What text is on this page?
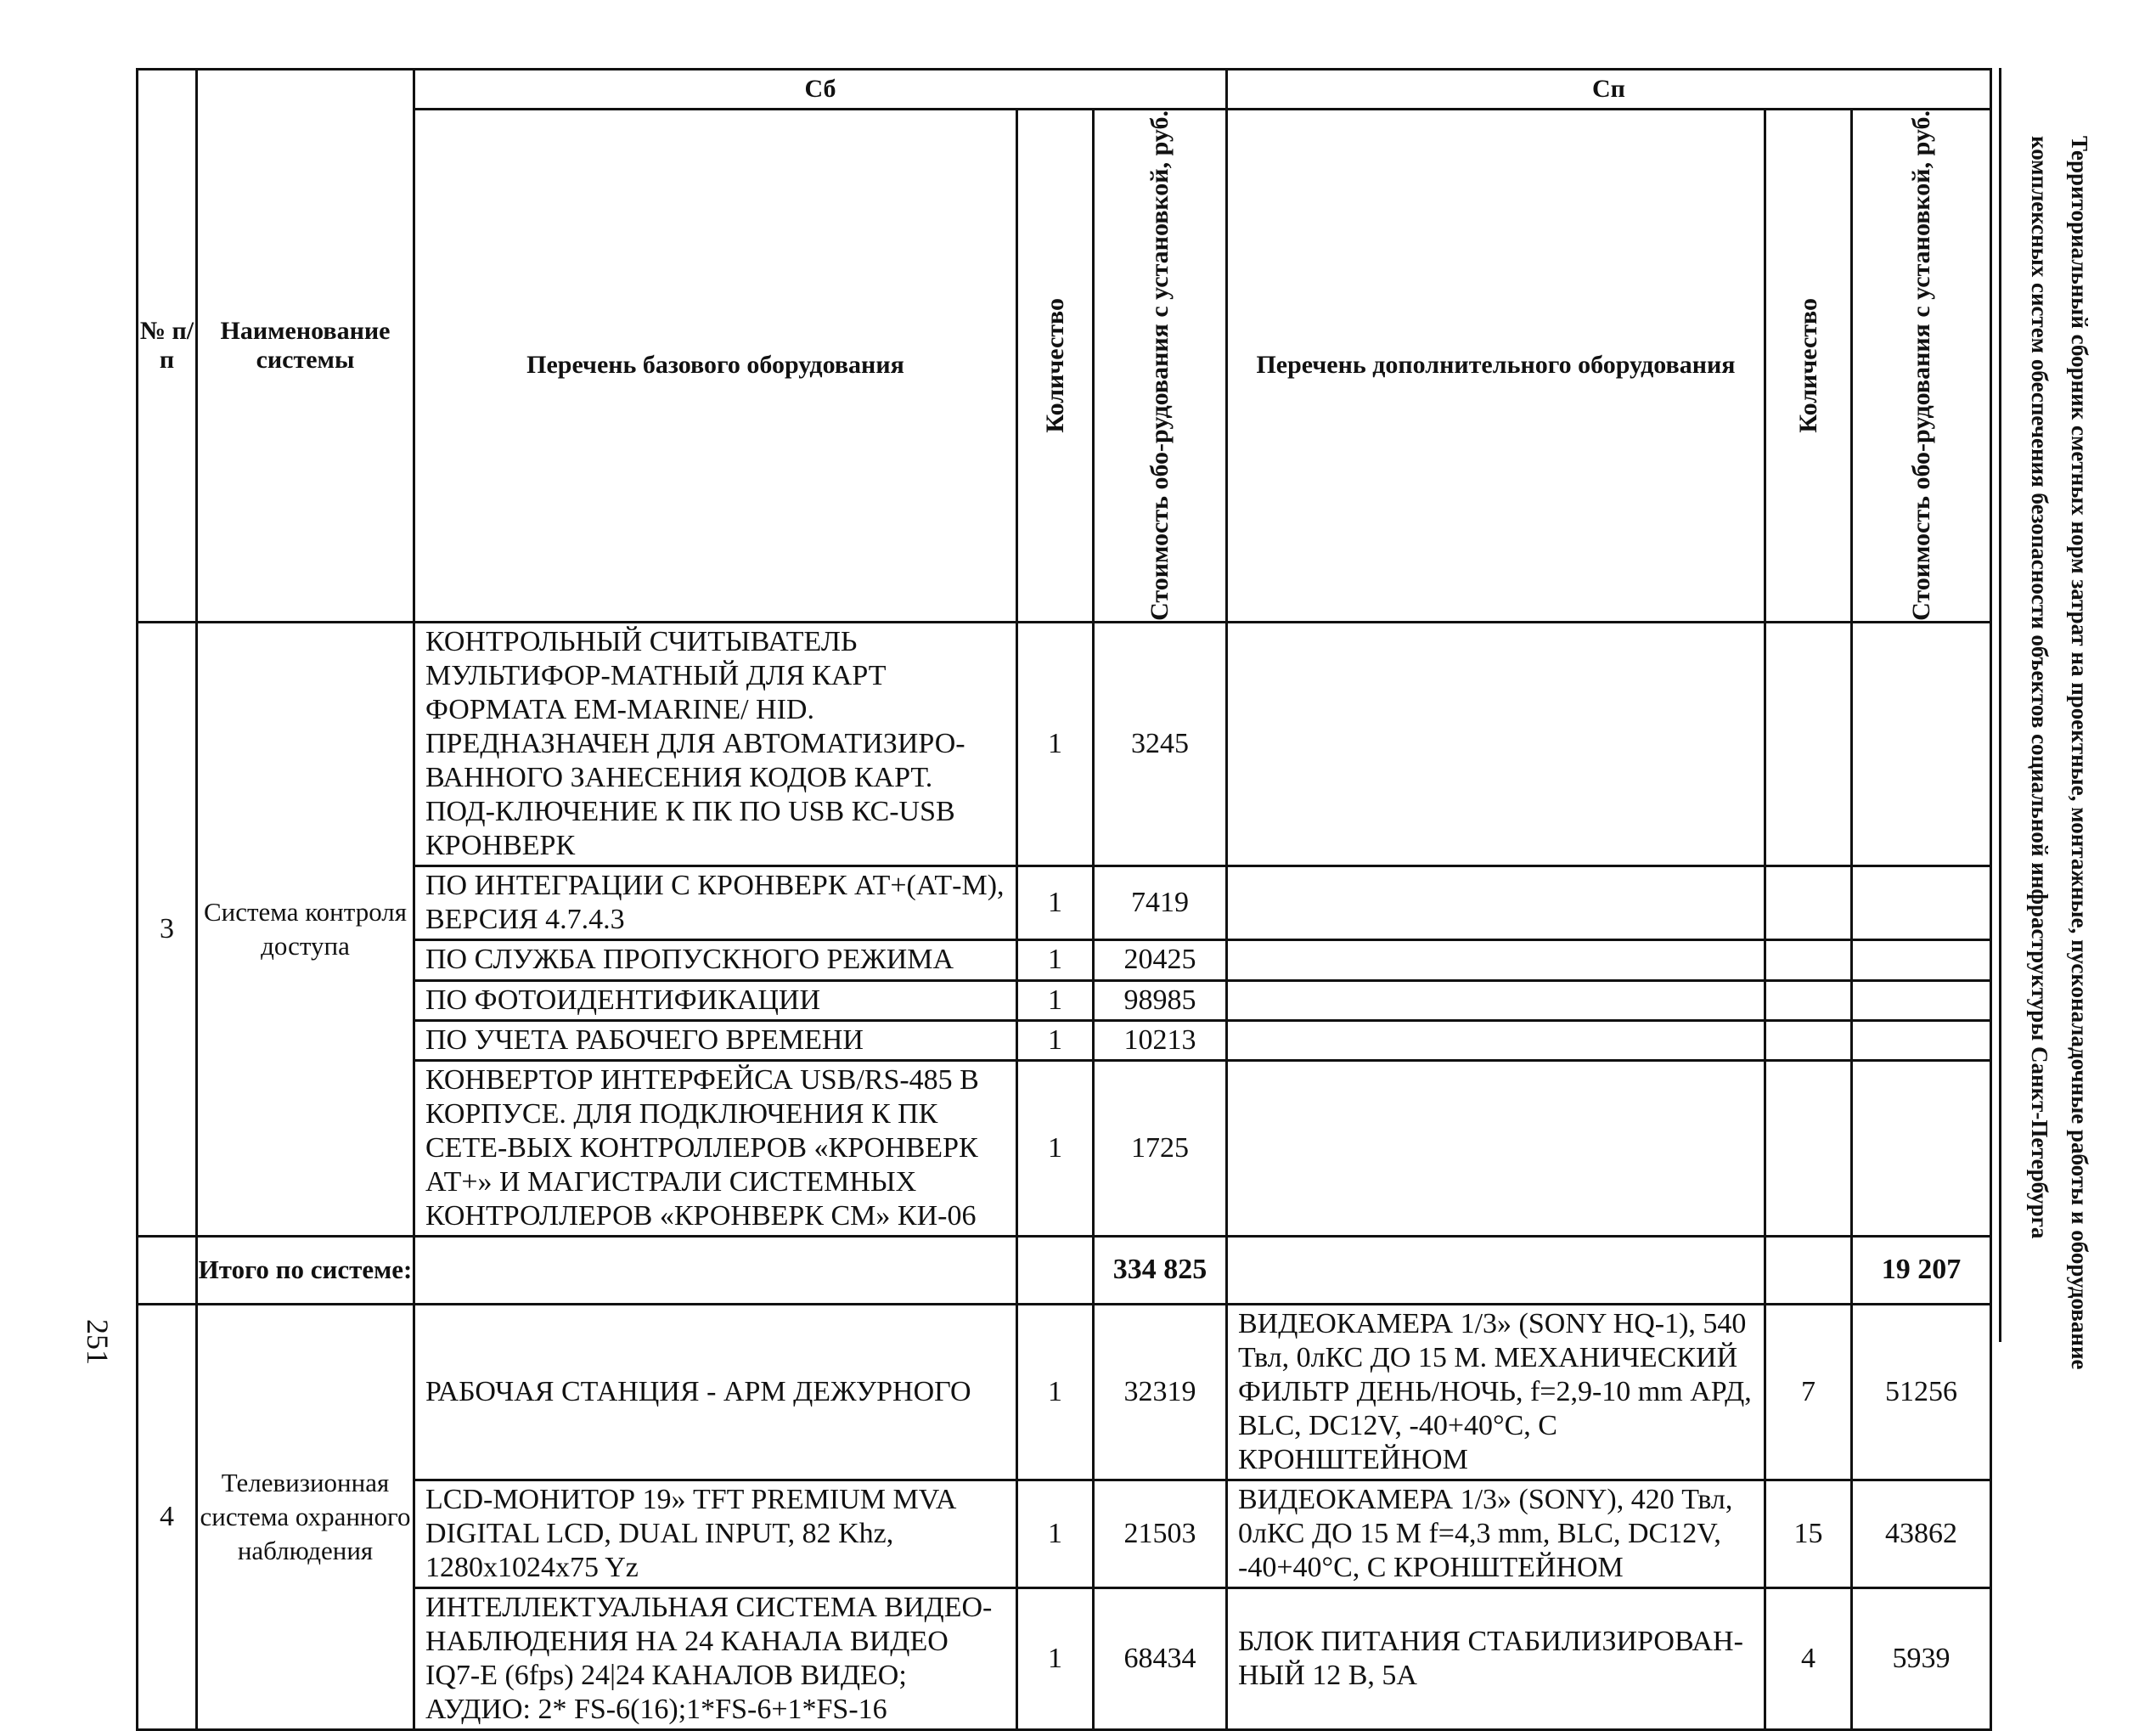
№ п/п	Наименование системы	Сб			Сп		
		Перечень базового оборудования	Количество	Стоимость обо-рудования с установкой, руб.	Перечень дополнительного оборудования	Количество	Стоимость обо-рудования с установкой, руб.

3	Система контроля доступа	КОНТРОЛЬНЫЙ СЧИТЫВАТЕЛЬ МУЛЬТИФОР-МАТНЫЙ ДЛЯ КАРТ ФОРМАТА EM-MARINE/ HID. ПРЕДНАЗНАЧЕН ДЛЯ АВТОМАТИЗИРО-ВАННОГО ЗАНЕСЕНИЯ КОДОВ КАРТ. ПОД-КЛЮЧЕНИЕ К ПК ПО USB КС-USB КРОНВЕРК	1	3245			
		ПО ИНТЕГРАЦИИ С КРОНВЕРК АТ+(АТ-М), ВЕРСИЯ 4.7.4.3	1	7419			
		ПО СЛУЖБА ПРОПУСКНОГО РЕЖИМА	1	20425			
		ПО ФОТОИДЕНТИФИКАЦИИ	1	98985			
		ПО УЧЕТА РАБОЧЕГО ВРЕМЕНИ	1	10213			
		КОНВЕРТОР ИНТЕРФЕЙСА USB/RS-485 В КОРПУСЕ. ДЛЯ ПОДКЛЮЧЕНИЯ К ПК СЕТЕ-ВЫХ КОНТРОЛЛЕРОВ «КРОНВЕРК АТ+» И МАГИСТРАЛИ СИСТЕМНЫХ КОНТРОЛЛЕРОВ «КРОНВЕРК СМ» КИ-06	1	1725			
	Итого по системе:			334 825			19 207
4	Телевизионная система охранного наблюдения	РАБОЧАЯ СТАНЦИЯ - АРМ ДЕЖУРНОГО	1	32319	ВИДЕОКАМЕРА 1/3» (SONY HQ-1), 540 Твл, 0лКС ДО 15 М. МЕХАНИЧЕСКИЙ ФИЛЬТР ДЕНЬ/НОЧЬ, f=2,9-10 mm АРД, BLC, DC12V, -40+40°С, С КРОНШТЕЙНОМ	7	51256
		LCD-МОНИТОР 19» TFT PREMIUM MVA DIGITAL LCD, DUAL INPUT, 82 Khz, 1280x1024x75 Yz	1	21503	ВИДЕОКАМЕРА 1/3» (SONY), 420 Твл, 0лКС ДО 15 М f=4,3 mm, BLC, DC12V, -40+40°С, С КРОНШТЕЙНОМ	15	43862
		ИНТЕЛЛЕКТУАЛЬНАЯ СИСТЕМА ВИДЕО-НАБЛЮДЕНИЯ НА 24 КАНАЛА ВИДЕО IQ7-E (6fps) 24|24 КАНАЛОВ ВИДЕО; АУДИО: 2* FS-6(16);1*FS-6+1*FS-16	1	68434	БЛОК ПИТАНИЯ СТАБИЛИЗИРОВАН-НЫЙ 12 В, 5А	4	5939
Территориальный сборник сметных норм затрат на проектные, монтажные, пусконаладочные работы и оборудование
комплексных систем обеспечения безопасности объектов социальной инфраструктуры Санкт-Петербурга
251
